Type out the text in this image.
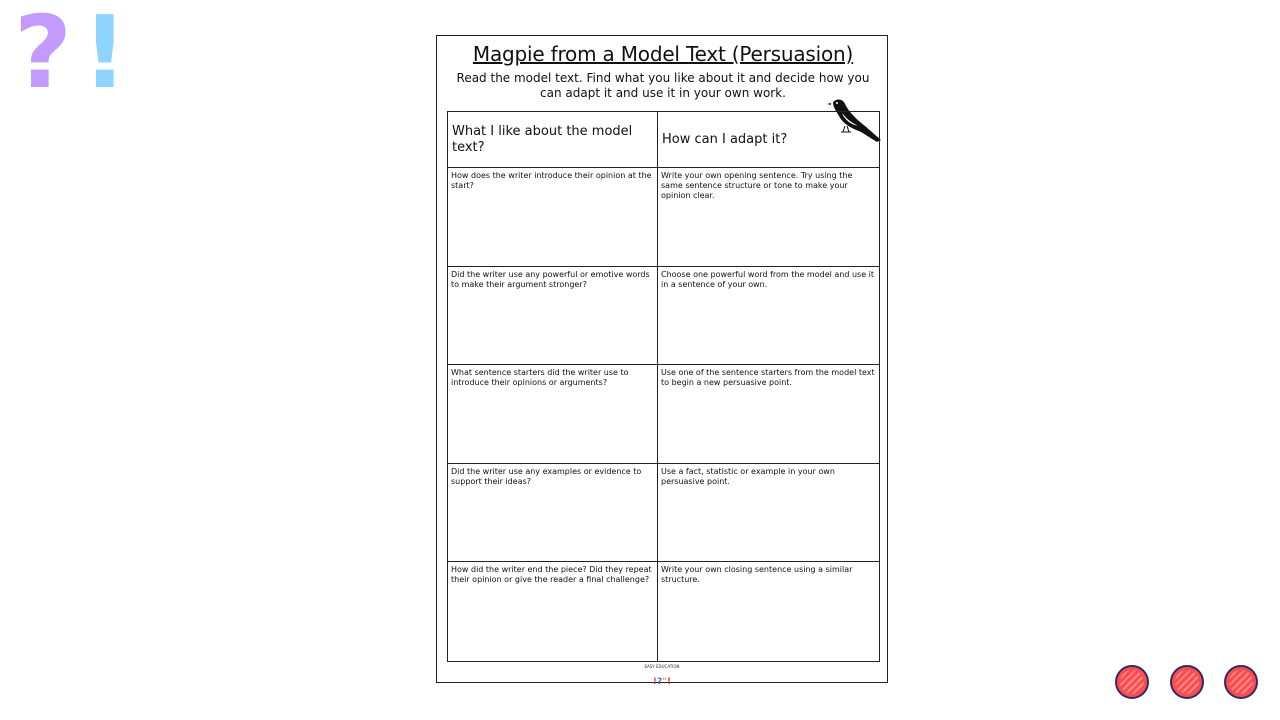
? !	Magpie from a Model Text (Persuasion)
Read the model text. Find what you like about it and decide how you can adapt it and use it in your own work.
What I like about the model text?
How can I adapt it?
How does the writer introduce their opinion at the start?
Write your own opening sentence. Try using the same sentence structure or tone to make your opinion clear.
Did the writer use any powerful or emotive words to make their argument stronger?
Choose one powerful word from the model and use it in a sentence of your own.
What sentence starters did the writer use to introduce their opinions or arguments?
Use one of the sentence starters from the model text to begin a new persuasive point.
Did the writer use any examples or evidence to support their ideas?
Use a fact, statistic or example in your own persuasive point.
How did the writer end the piece? Did they repeat their opinion or give the reader a final challenge?
Write your own closing sentence using a similar structure.
EASY EDUCATION
!?"!
